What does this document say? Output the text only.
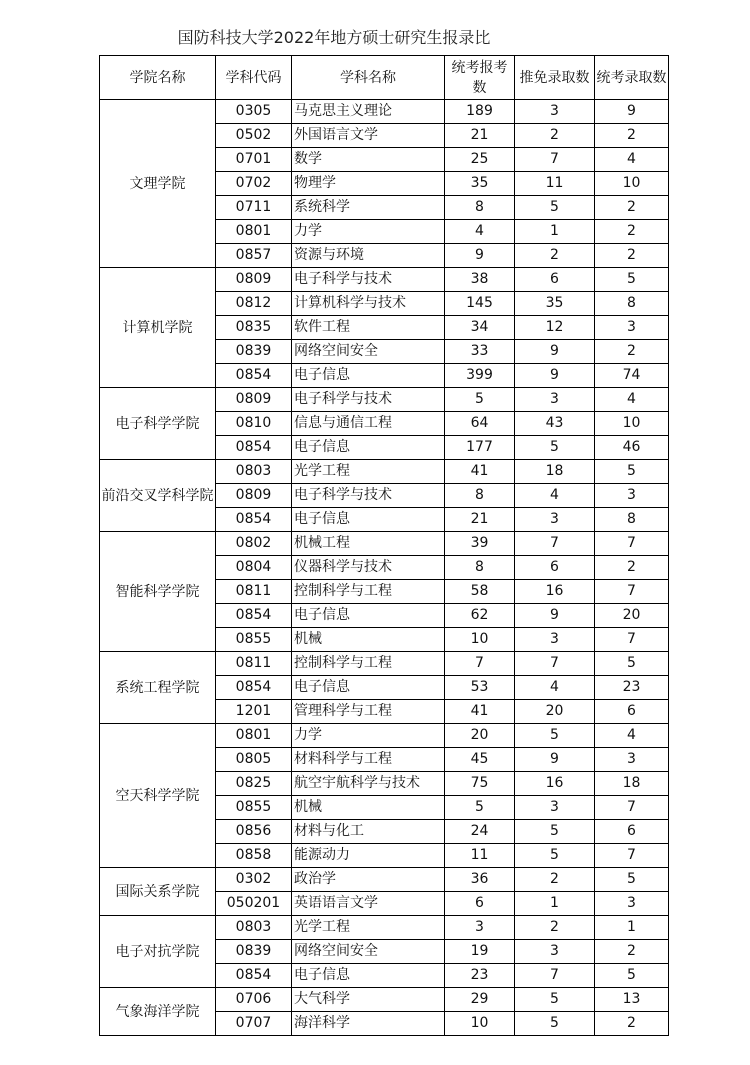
国防科技大学2022年地方硕士研究生报录比
学院名称	学科代码	学科名称	统考报考数	推免录取数	统考录取数
文理学院	0305	马克思主义理论	189	3	9
	0502	外国语言文学	21	2	2
	0701	数学	25	7	4
	0702	物理学	35	11	10
	0711	系统科学	8	5	2
	0801	力学	4	1	2
	0857	资源与环境	9	2	2
计算机学院	0809	电子科学与技术	38	6	5
	0812	计算机科学与技术	145	35	8
	0835	软件工程	34	12	3
	0839	网络空间安全	33	9	2
	0854	电子信息	399	9	74
电子科学学院	0809	电子科学与技术	5	3	4
	0810	信息与通信工程	64	43	10
	0854	电子信息	177	5	46
前沿交叉学科学院	0803	光学工程	41	18	5
	0809	电子科学与技术	8	4	3
	0854	电子信息	21	3	8
智能科学学院	0802	机械工程	39	7	7
	0804	仪器科学与技术	8	6	2
	0811	控制科学与工程	58	16	7
	0854	电子信息	62	9	20
	0855	机械	10	3	7
系统工程学院	0811	控制科学与工程	7	7	5
	0854	电子信息	53	4	23
	1201	管理科学与工程	41	20	6
空天科学学院	0801	力学	20	5	4
	0805	材料科学与工程	45	9	3
	0825	航空宇航科学与技术	75	16	18
	0855	机械	5	3	7
	0856	材料与化工	24	5	6
	0858	能源动力	11	5	7
国际关系学院	0302	政治学	36	2	5
	050201	英语语言文学	6	1	3
电子对抗学院	0803	光学工程	3	2	1
	0839	网络空间安全	19	3	2
	0854	电子信息	23	7	5
气象海洋学院	0706	大气科学	29	5	13
	0707	海洋科学	10	5	2
